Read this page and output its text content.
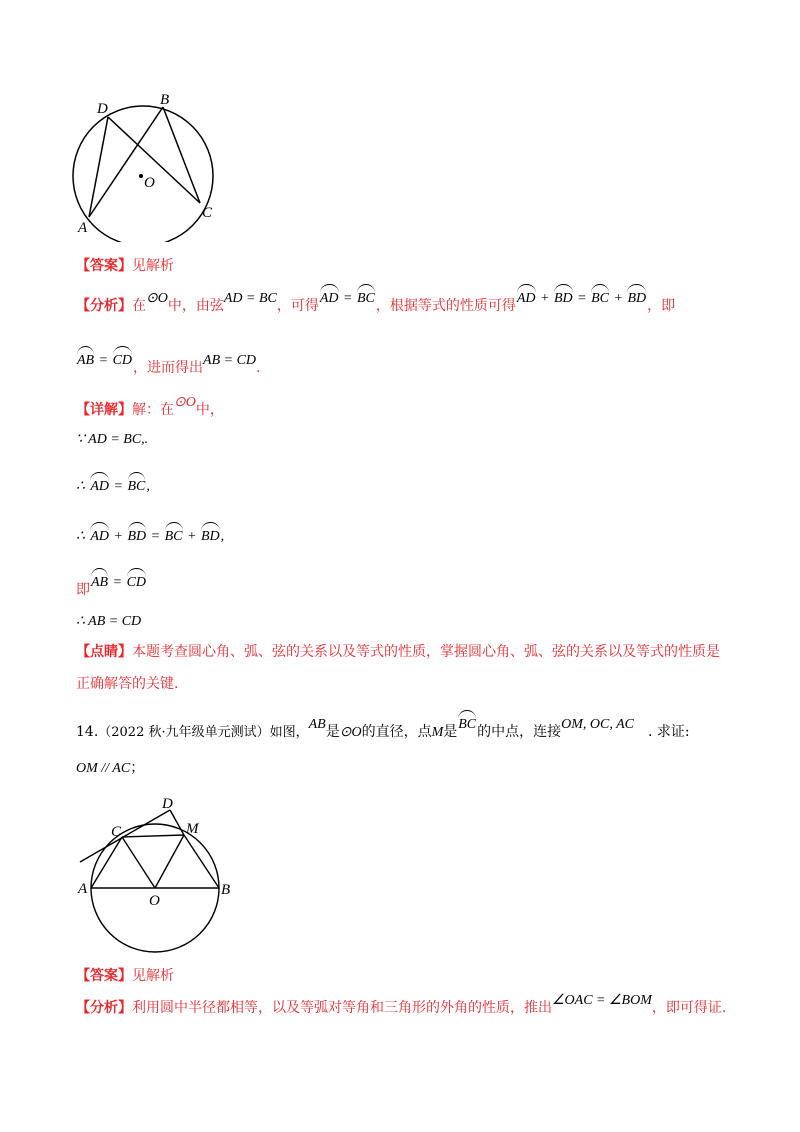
D
B
O
A
C
【答案】见解析
【分析】在⊙O中，由弦AD = BC，可得AD = BC，根据等式的性质可得AD + BD = BC + BD，即
AB = CD，进而得出AB = CD.
【详解】解：在⊙O中，
∵ AD = BC,.
∴ AD = BC,
∴ AD + BD = BC + BD,
即AB = CD
∴ AB = CD
【点睛】本题考查圆心角、弧、弦的关系以及等式的性质，掌握圆心角、弧、弦的关系以及等式的性质是
正确解答的关键.
14.（2022 秋·九年级单元测试）如图，AB是⊙O的直径，点M是BC的中点，连接OM, OC, AC . 求证:
OM // AC；
D
C	M
A
O
B
【答案】见解析
【分析】利用圆中半径都相等，以及等弧对等角和三角形的外角的性质，推出∠OAC = ∠BOM，即可得证.
